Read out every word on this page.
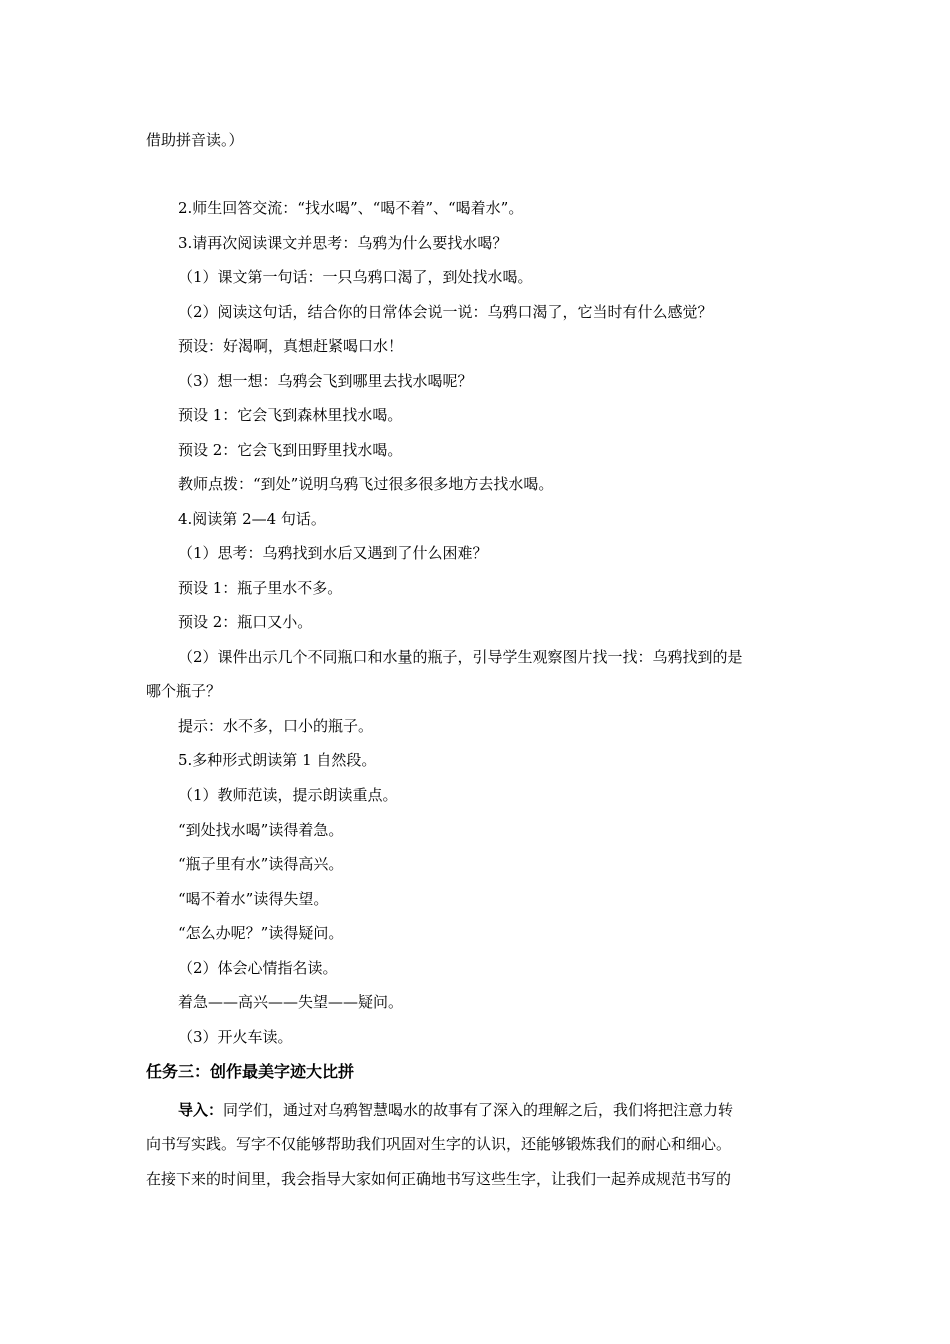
借助拼音读。）
2.师生回答交流：“找水喝”、“喝不着”、“喝着水”。
3.请再次阅读课文并思考：乌鸦为什么要找水喝？
（1）课文第一句话：一只乌鸦口渴了，到处找水喝。
（2）阅读这句话，结合你的日常体会说一说：乌鸦口渴了，它当时有什么感觉？
预设：好渴啊，真想赶紧喝口水！
（3）想一想：乌鸦会飞到哪里去找水喝呢？
预设 1：它会飞到森林里找水喝。
预设 2：它会飞到田野里找水喝。
教师点拨：“到处”说明乌鸦飞过很多很多地方去找水喝。
4.阅读第 2—4 句话。
（1）思考：乌鸦找到水后又遇到了什么困难？
预设 1：瓶子里水不多。
预设 2：瓶口又小。
（2）课件出示几个不同瓶口和水量的瓶子，引导学生观察图片找一找：乌鸦找到的是
哪个瓶子？
提示：水不多，口小的瓶子。
5.多种形式朗读第 1 自然段。
（1）教师范读，提示朗读重点。
“到处找水喝”读得着急。
“瓶子里有水”读得高兴。
“喝不着水”读得失望。
“怎么办呢？”读得疑问。
（2）体会心情指名读。
着急——高兴——失望——疑问。
（3）开火车读。
任务三：创作最美字迹大比拼
导入：同学们，通过对乌鸦智慧喝水的故事有了深入的理解之后，我们将把注意力转
向书写实践。写字不仅能够帮助我们巩固对生字的认识，还能够锻炼我们的耐心和细心。
在接下来的时间里，我会指导大家如何正确地书写这些生字，让我们一起养成规范书写的
